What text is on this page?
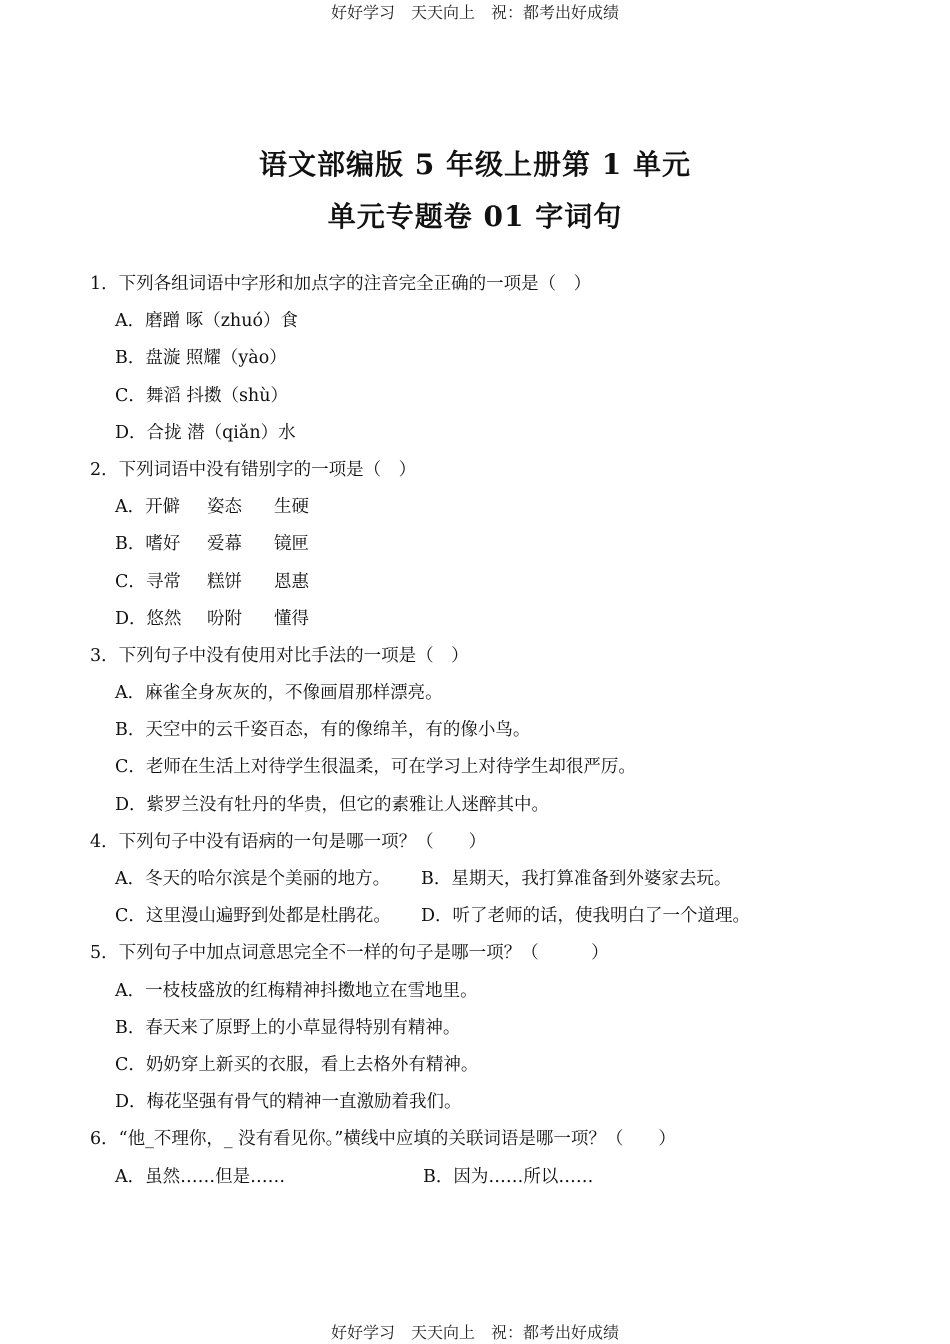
好好学习　天天向上　祝：都考出好成绩
语文部编版 5 年级上册第 1 单元
单元专题卷 01 字词句
1．下列各组词语中字形和加点字的注音完全正确的一项是（　）
A．磨蹭 啄（zhuó）食
B．盘漩 照耀（yào）
C．舞滔 抖擞（shù）
D．合拢 潜（qiǎn）水
2．下列词语中没有错别字的一项是（　）
A．开僻 姿态 生硬
B．嗜好 爱幕 镜匣
C．寻常 糕饼 恩惠
D．悠然 吩附 懂得
3．下列句子中没有使用对比手法的一项是（　）
A．麻雀全身灰灰的，不像画眉那样漂亮。
B．天空中的云千姿百态，有的像绵羊，有的像小鸟。
C．老师在生活上对待学生很温柔，可在学习上对待学生却很严厉。
D．紫罗兰没有牡丹的华贵，但它的素雅让人迷醉其中。
4．下列句子中没有语病的一句是哪一项？（　　）
A．冬天的哈尔滨是个美丽的地方。 B．星期天，我打算准备到外婆家去玩。
C．这里漫山遍野到处都是杜鹃花。 D．听了老师的话，使我明白了一个道理。
5．下列句子中加点词意思完全不一样的句子是哪一项？（　　　）
A．一枝枝盛放的红梅精神抖擞地立在雪地里。
B．春天来了原野上的小草显得特别有精神。
C．奶奶穿上新买的衣服，看上去格外有精神。
D．梅花坚强有骨气的精神一直激励着我们。
6．“他_不理你，_ 没有看见你。”横线中应填的关联词语是哪一项？（　　）
A．虽然……但是……	B．因为……所以……
好好学习　天天向上　祝：都考出好成绩
